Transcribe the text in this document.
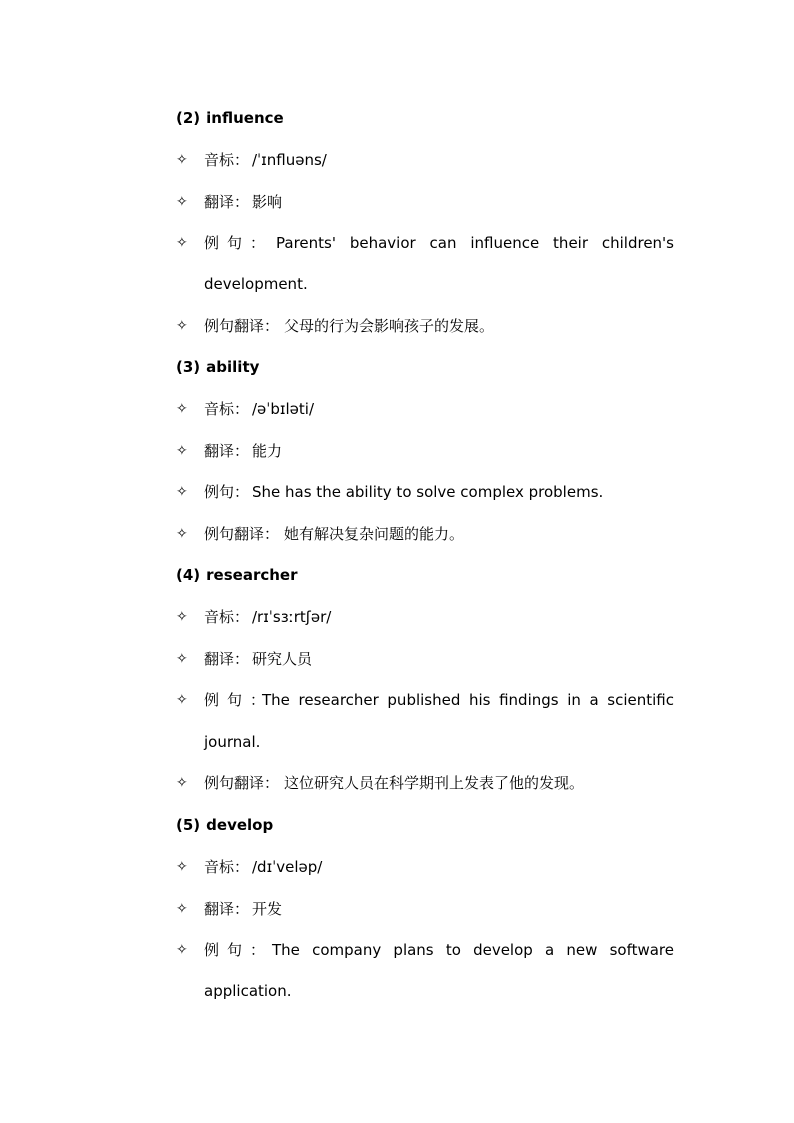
(2) influence
✧ 音标： /ˈɪnfluəns/
✧ 翻译： 影响
✧ 例句： Parents' behavior can influence their children's
development.
✧ 例句翻译： 父母的行为会影响孩子的发展。
(3) ability
✧ 音标： /əˈbɪləti/
✧ 翻译： 能力
✧ 例句： She has the ability to solve complex problems.
✧ 例句翻译： 她有解决复杂问题的能力。
(4) researcher
✧ 音标： /rɪˈsɜːrtʃər/
✧ 翻译： 研究人员
✧ 例句：
The researcher published his findings in a scientific
journal.
✧ 例句翻译： 这位研究人员在科学期刊上发表了他的发现。
(5) develop
✧ 音标： /dɪˈveləp/
✧ 翻译： 开发
✧ 例句：
The company plans to develop a new software
application.
